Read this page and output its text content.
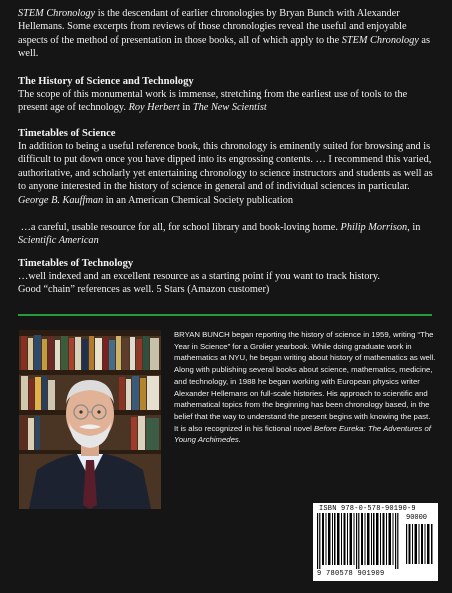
STEM Chronology is the descendant of earlier chronologies by Bryan Bunch with Alexander Hellemans. Some excerpts from reviews of those chronologies reveal the useful and enjoyable aspects of the method of presentation in those books, all of which apply to the STEM Chronology as well.

The History of Science and Technology

The scope of this monumental work is immense, stretching from the earliest use of tools to the present age of technology. Roy Herbert in The New Scientist

Timetables of Science

In addition to being a useful reference book, this chronology is eminently suited for browsing and is difficult to put down once you have dipped into its engrossing contents. … I recommend this varied, authoritative, and scholarly yet entertaining chronology to science instructors and students as well as to anyone interested in the history of science in general and of individual sciences in particular. George B. Kauffman in an American Chemical Society publication

…a careful, usable resource for all, for school library and book-loving home. Philip Morrison, in
Scientific American

Timetables of Technology

…well indexed and an excellent resource as a starting point if you want to track history.

Good “chain” references as well. 5 Stars (Amazon customer)

BRYAN BUNCH began reporting the history of science in 1959, writing “The Year in Science” for a Grolier yearbook. While doing graduate work in mathematics at NYU, he began writing about history of mathematics as well. Along with publishing several books about science, mathematics, medicine, and technology, in 1988 he began working with European physics writer Alexander Hellemans on full-scale histories. His approach to scientific and mathematical topics from the beginning has been chronology based, in the belief that the way to understand the present begins with knowing the past. It is also recognized in his fictional novel Before Eureka: The Adventures of Young Archimedes.

ISBN 978-0-578-90190-9
90000
9 780578 901909
